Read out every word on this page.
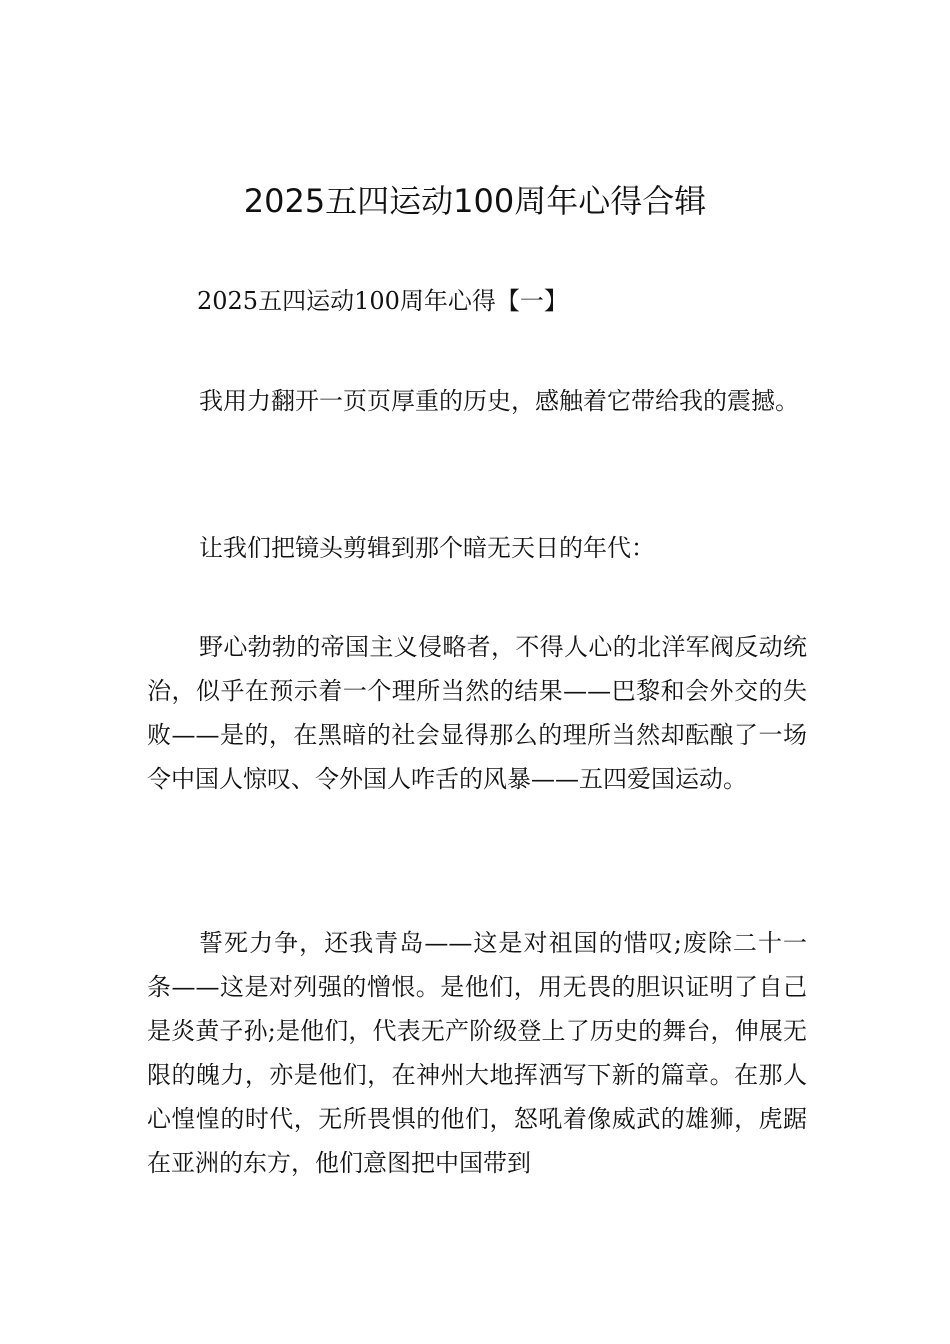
2025五四运动100周年心得合辑

2025五四运动100周年心得【一】

我用力翻开一页页厚重的历史，感触着它带给我的震撼。

让我们把镜头剪辑到那个暗无天日的年代：

野心勃勃的帝国主义侵略者，不得人心的北洋军阀反动统治，似乎在预示着一个理所当然的结果——巴黎和会外交的失败——是的，在黑暗的社会显得那么的理所当然却酝酿了一场令中国人惊叹、令外国人咋舌的风暴——五四爱国运动。

誓死力争，还我青岛——这是对祖国的惜叹;废除二十一条——这是对列强的憎恨。是他们，用无畏的胆识证明了自己是炎黄子孙;是他们，代表无产阶级登上了历史的舞台，伸展无限的魄力，亦是他们，在神州大地挥洒写下新的篇章。在那人心惶惶的时代，无所畏惧的他们，怒吼着像威武的雄狮，虎踞在亚洲的东方，他们意图把中国带到
